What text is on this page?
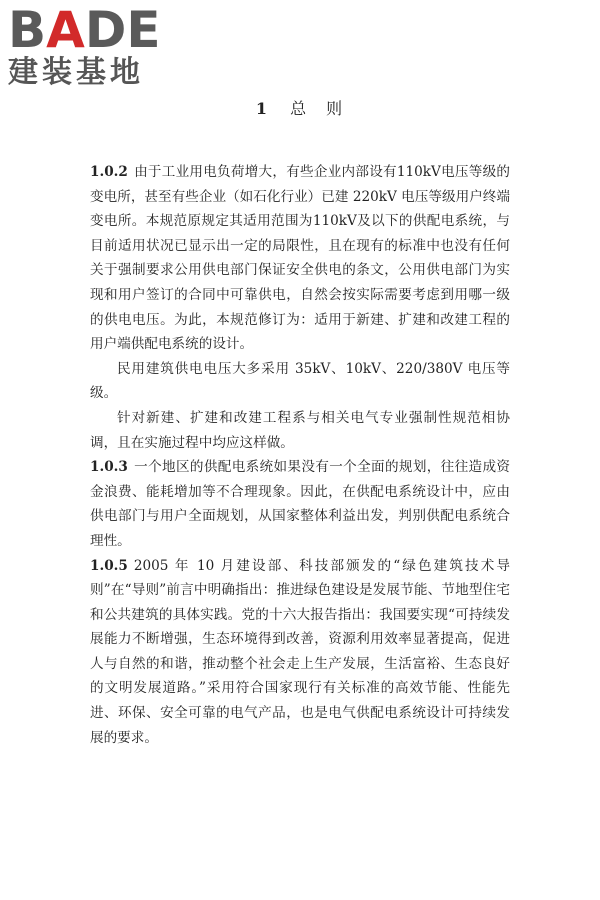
BADE
建装基地
1 总　则

1.0.2 由于工业用电负荷增大，有些企业内部设有110kV电压等级的变电所，甚至有些企业（如石化行业）已建 220kV 电压等级用户终端变电所。本规范原规定其适用范围为110kV及以下的供配电系统，与目前适用状况已显示出一定的局限性，且在现有的标准中也没有任何关于强制要求公用供电部门保证安全供电的条文，公用供电部门为实现和用户签订的合同中可靠供电，自然会按实际需要考虑到用哪一级的供电电压。为此，本规范修订为：适用于新建、扩建和改建工程的用户端供配电系统的设计。

民用建筑供电电压大多采用 35kV、10kV、220/380V 电压等级。

针对新建、扩建和改建工程系与相关电气专业强制性规范相协调，且在实施过程中均应这样做。

1.0.3 一个地区的供配电系统如果没有一个全面的规划，往往造成资金浪费、能耗增加等不合理现象。因此，在供配电系统设计中，应由供电部门与用户全面规划，从国家整体利益出发，判别供配电系统合理性。

1.0.5 2005 年 10 月建设部、科技部颁发的“绿色建筑技术导则”在“导则”前言中明确指出：推进绿色建设是发展节能、节地型住宅和公共建筑的具体实践。党的十六大报告指出：我国要实现“可持续发展能力不断增强，生态环境得到改善，资源利用效率显著提高，促进人与自然的和谐，推动整个社会走上生产发展，生活富裕、生态良好的文明发展道路。”采用符合国家现行有关标准的高效节能、性能先进、环保、安全可靠的电气产品，也是电气供配电系统设计可持续发展的要求。
